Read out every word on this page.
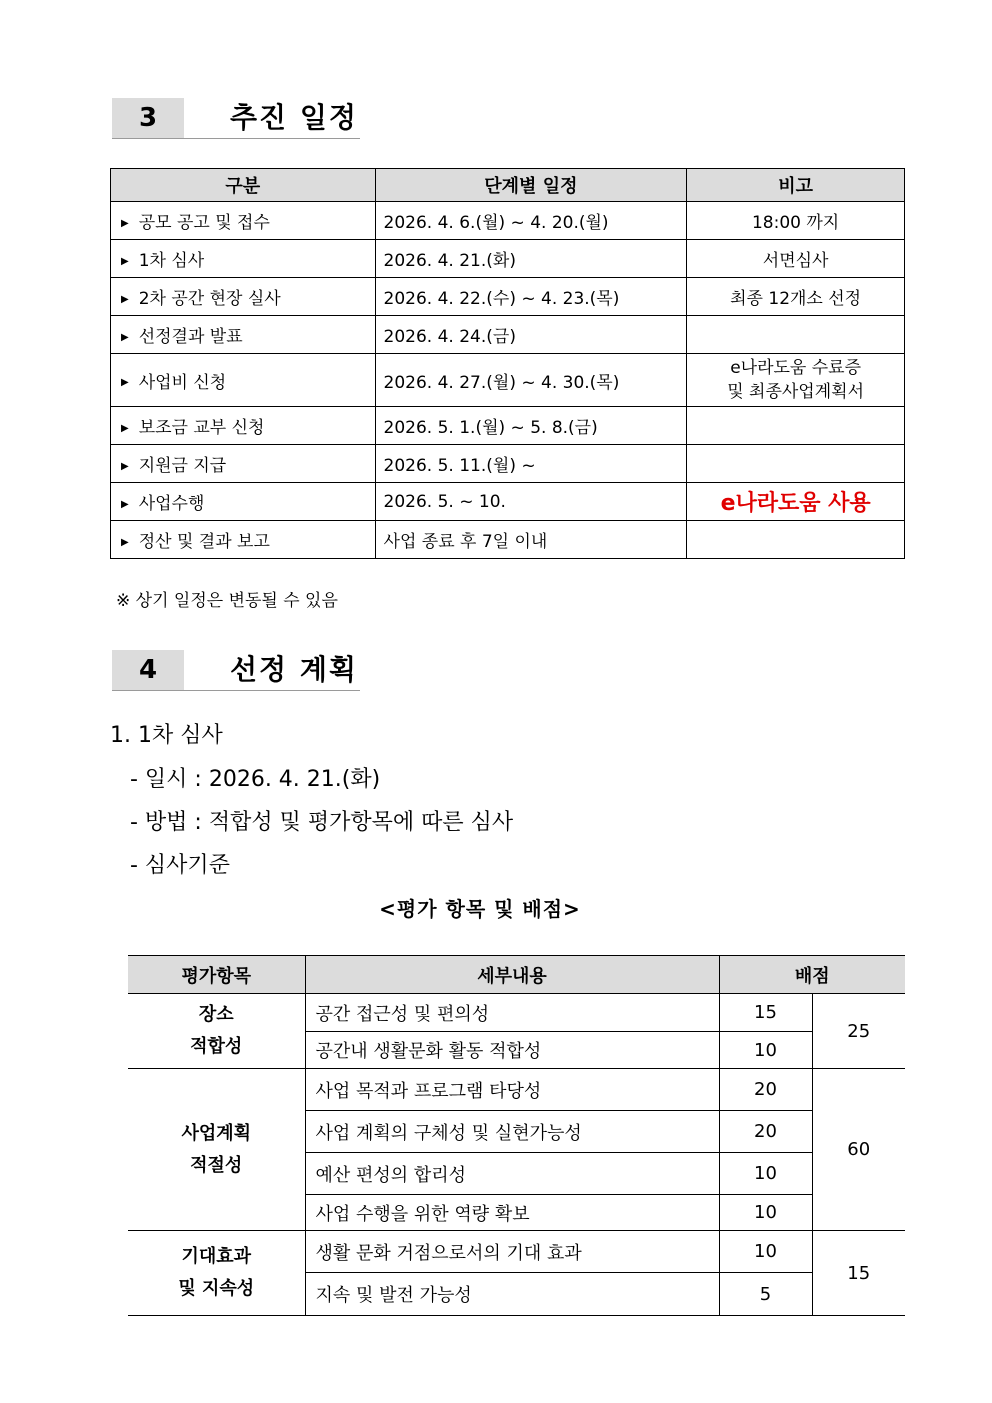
3	추진 일정
구분	단계별 일정	비고
▶ 공모 공고 및 접수	2026. 4. 6.(월) ~ 4. 20.(월)	18:00 까지
▶ 1차 심사	2026. 4. 21.(화)	서면심사
▶ 2차 공간 현장 실사	2026. 4. 22.(수) ~ 4. 23.(목)	최종 12개소 선정
▶ 선정결과 발표	2026. 4. 24.(금)	
▶ 사업비 신청	2026. 4. 27.(월) ~ 4. 30.(목)	e나라도움 수료증
및 최종사업계획서

▶ 보조금 교부 신청	2026. 5. 1.(월) ~ 5. 8.(금)	
▶ 지원금 지급	2026. 5. 11.(월) ~	
▶ 사업수행	2026. 5. ~ 10.	e나라도움 사용
▶ 정산 및 결과 보고	사업 종료 후 7일 이내	
※ 상기 일정은 변동될 수 있음
4	선정 계획
1. 1차 심사
- 일시 : 2026. 4. 21.(화)
- 방법 : 적합성 및 평가항목에 따른 심사
- 심사기준
<평가 항목 및 배점>
평가항목	세부내용	배점	

장소
적합성	공간 접근성 및 편의성	15	25
	공간내 생활문화 활동 적합성	10	

사업계획
적절성	사업 목적과 프로그램 타당성	20	60
	사업 계획의 구체성 및 실현가능성	20	
	예산 편성의 합리성	10	
	사업 수행을 위한 역량 확보	10	

기대효과
및 지속성	생활 문화 거점으로서의 기대 효과	10	15
	지속 및 발전 가능성	5	
